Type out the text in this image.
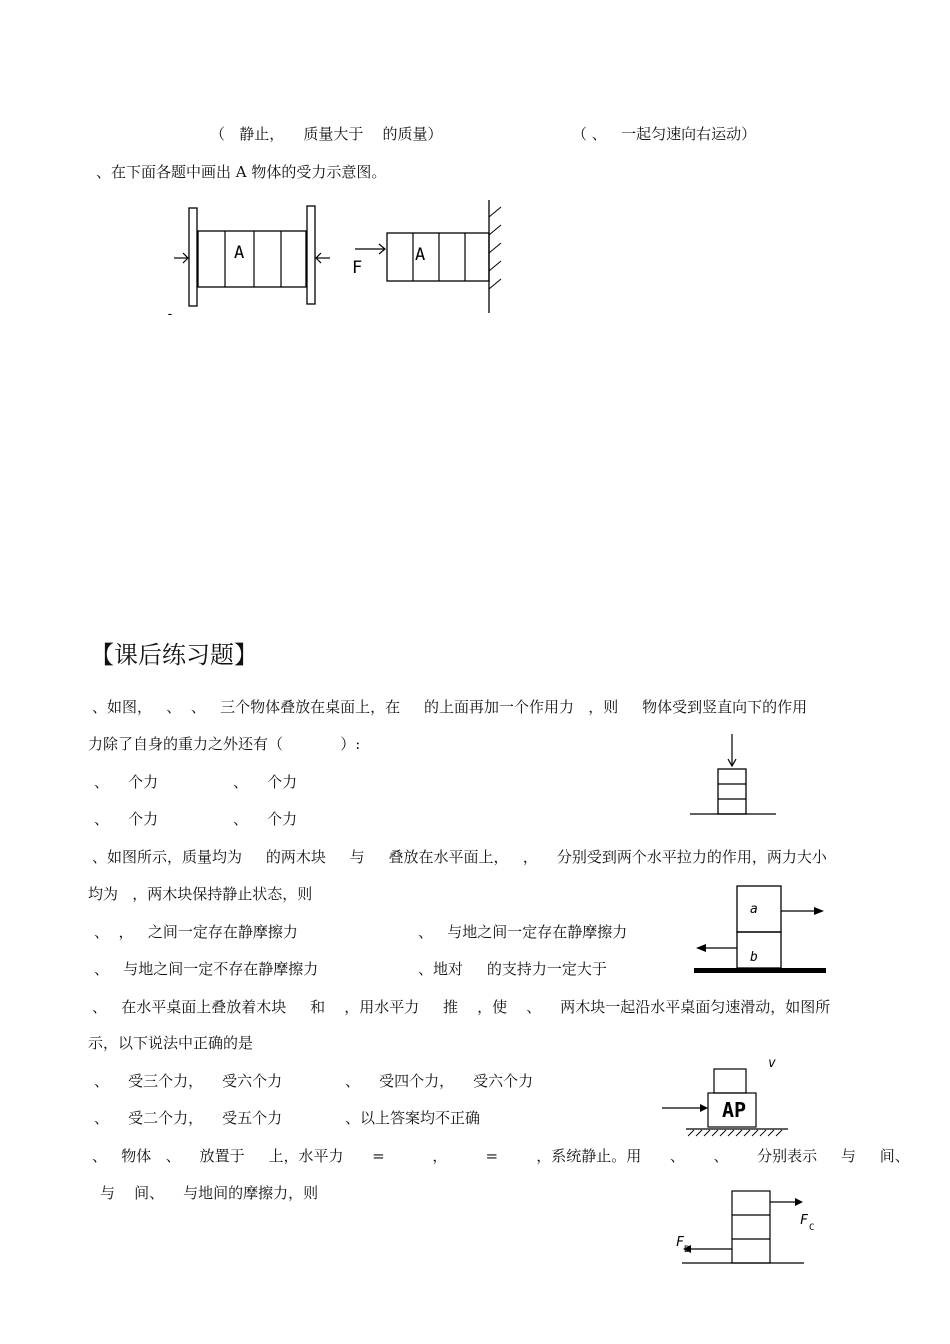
（   静止，    质量大于    的质量）	（ 、   一起匀速向右运动）
、在下面各题中画出 A 物体的受力示意图。
A
-
A
F
【课后练习题】
、如图，   、  、   三个物体叠放在桌面上，在     的上面再加一个作用力   ，则     物体受到竖直向下的作用
力除了自身的重力之外还有（            ）:
、    个力	、    个力
、    个力	、    个力
、如图所示，质量均为     的两木块     与     叠放在水平面上，   ，    分别受到两个水平拉力的作用，两力大小
均为   ，两木块保持静止状态，则
、  ，   之间一定存在静摩擦力	、   与地之间一定存在静摩擦力
、   与地之间一定不存在静摩擦力	、地对     的支持力一定大于
a
b
、   在水平桌面上叠放着木块     和    ，用水平力     推    ，使    、    两木块一起沿水平桌面匀速滑动，如图所
示，以下说法中正确的是
、    受三个力，    受六个力	、    受四个力，    受六个力
、    受二个力，    受五个力	、以上答案均不正确
v
AP
、   物体   、    放置于     上，水平力      =          ，        =        ，系统静止。用      、      、      分别表示     与     间、
与    间、    与地间的摩擦力，则
F C
F B
